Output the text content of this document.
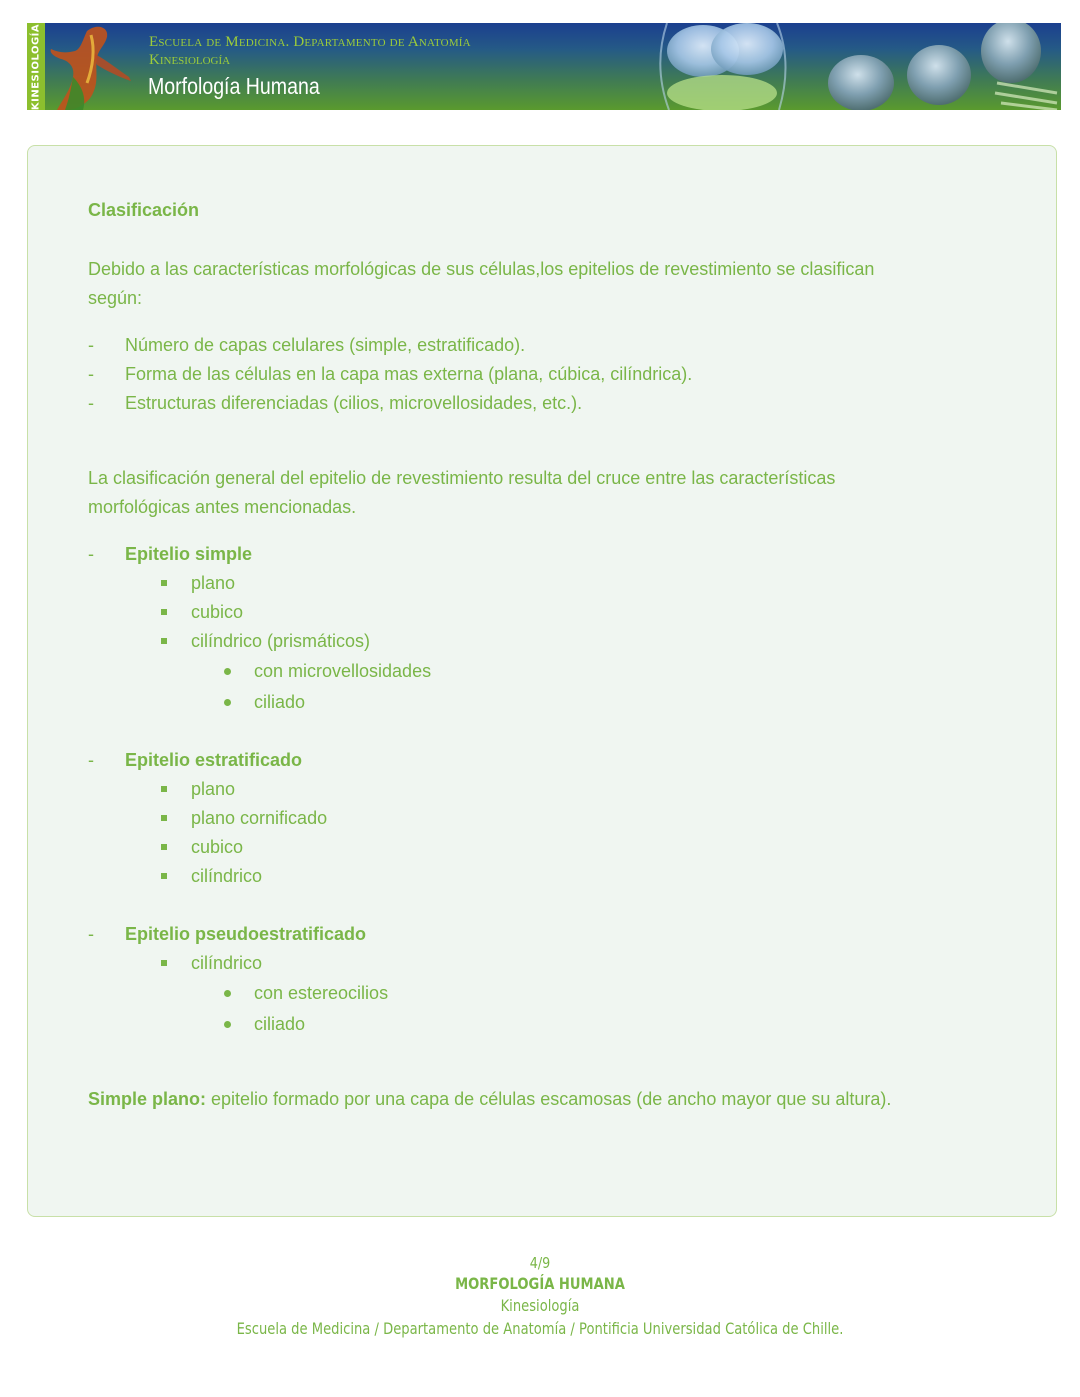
KINESIOLOGÍA	Escuela de Medicina. Departamento de Anatomía
Kinesiología
Morfología Humana
Clasificación
Debido a las características morfológicas de sus células,los epitelios de revestimiento se clasifican
según:
- Número de capas celulares (simple, estratificado).
- Forma de las células en la capa mas externa (plana, cúbica, cilíndrica).
- Estructuras diferenciadas (cilios, microvellosidades, etc.).
La clasificación general del epitelio de revestimiento resulta del cruce entre las características
morfológicas antes mencionadas.
- Epitelio simple
plano
cubico
cilíndrico (prismáticos)
con microvellosidades
ciliado
- Epitelio estratificado
plano
plano cornificado
cubico
cilíndrico
- Epitelio pseudoestratificado
cilíndrico
con estereocilios
ciliado
Simple plano: epitelio formado por una capa de células escamosas (de ancho mayor que su altura).
4/9
MORFOLOGÍA HUMANA
Kinesiología
Escuela de Medicina / Departamento de Anatomía / Pontificia Universidad Católica de Chille.
